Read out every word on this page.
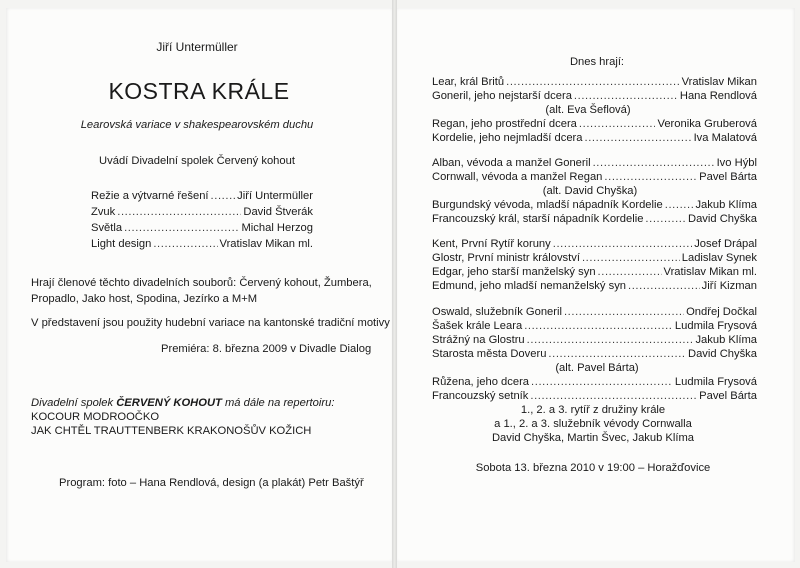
Jiří Untermüller
KOSTRA KRÁLE
Learovská variace v shakespearovském duchu
Uvádí Divadelní spolek Červený kohout
Režie a výtvarné řešení .....	Jiří Untermüller
Zvuk .....	David Štverák
Světla .....	Michal Herzog
Light design .....	Vratislav Mikan ml.
Hrají členové těchto divadelních souborů: Červený kohout, Žumbera,
Propadlo, Jako host, Spodina, Jezírko a M+M
V představení jsou použity hudební variace na kantonské tradiční motivy
Premiéra: 8. března 2009 v Divadle Dialog
Divadelní spolek ČERVENÝ KOHOUT má dále na repertoiru:
KOCOUR MODROOČKO
JAK CHTĚL TRAUTTENBERK KRAKONOŠŮV KOŽICH
Program: foto – Hana Rendlová, design (a plakát) Petr Baštýř
Dnes hrají:
Lear, král Britů .....	Vratislav Mikan
Goneril, jeho nejstarší dcera .....	Hana Rendlová
(alt. Eva Šeflová)
Regan, jeho prostřední dcera .....	Veronika Gruberová
Kordelie, jeho nejmladší dcera .....	Iva Malatová
Alban, vévoda a manžel Goneril .....	Ivo Hýbl
Cornwall, vévoda a manžel Regan .....	Pavel Bárta
(alt. David Chyška)
Burgundský vévoda, mladší nápadník Kordelie .....	Jakub Klíma
Francouzský král, starší nápadník Kordelie .....	David Chyška
Kent, První Rytíř koruny .....	Josef Drápal
Glostr, První ministr království .....	Ladislav Synek
Edgar, jeho starší manželský syn .....	Vratislav Mikan ml.
Edmund, jeho mladší nemanželský syn .....	Jiří Kizman
Oswald, služebník Goneril .....	Ondřej Dočkal
Šašek krále Leara .....	Ludmila Frysová
Strážný na Glostru .....	Jakub Klíma
Starosta města Doveru .....	David Chyška
(alt. Pavel Bárta)
Růžena, jeho dcera .....	Ludmila Frysová
Francouzský setník .....	Pavel Bárta
1., 2. a 3. rytíř z družiny krále
a 1., 2. a 3. služebník vévody Cornwalla
David Chyška, Martin Švec, Jakub Klíma
Sobota 13. března 2010 v 19:00 – Horažďovice
